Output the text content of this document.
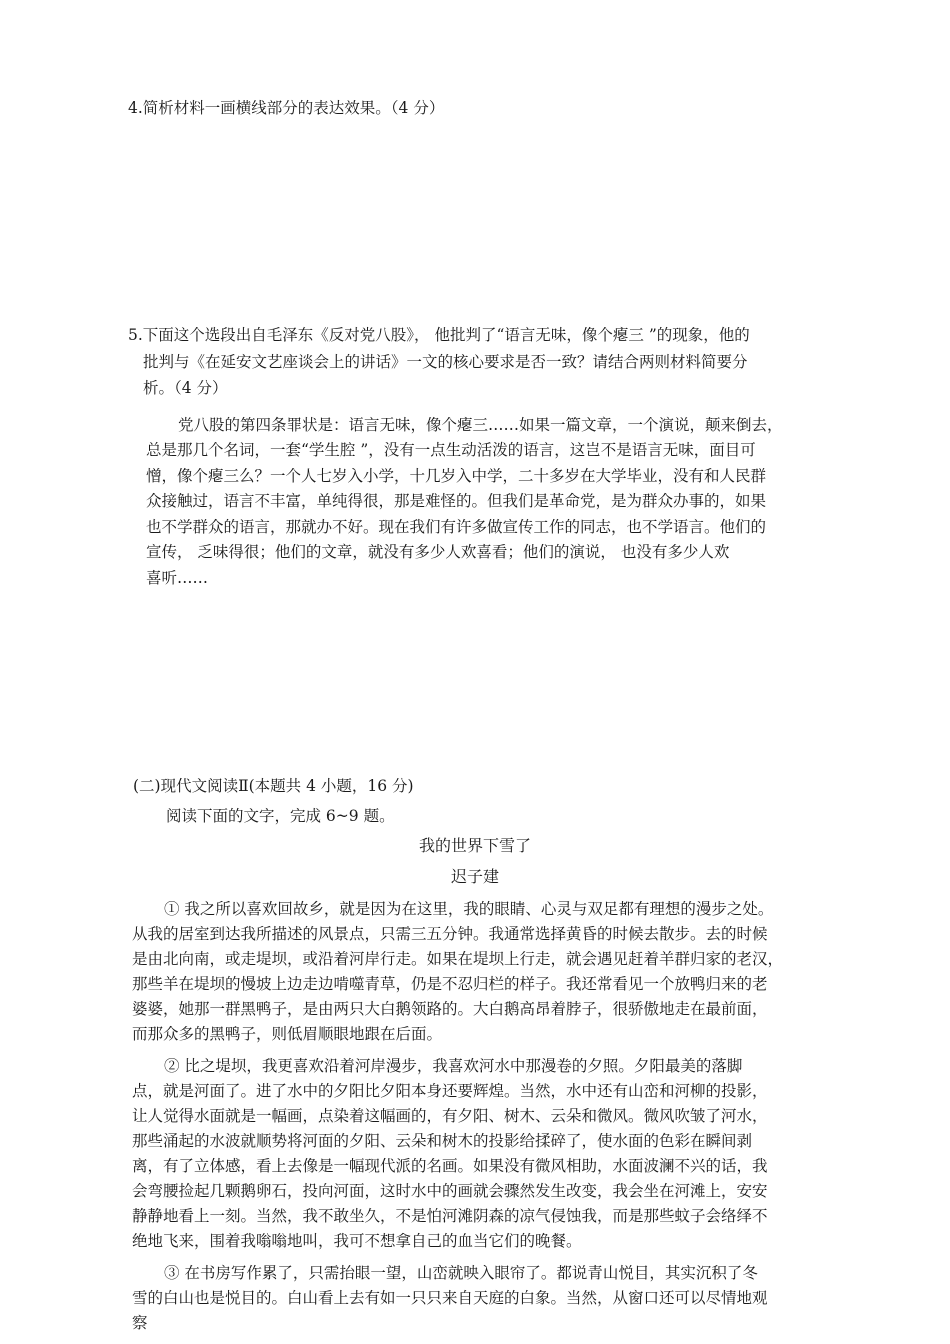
4.简析材料一画横线部分的表达效果。（4 分）
5.下面这个选段出自毛泽东《反对党八股》， 他批判了“语言无味，像个瘪三 ”的现象，他的
批判与《在延安文艺座谈会上的讲话》一文的核心要求是否一致？请结合两则材料简要分
析。（4 分）
党八股的第四条罪状是：语言无味，像个瘪三……如果一篇文章，一个演说，颠来倒去，
总是那几个名词，一套“学生腔 ”，没有一点生动活泼的语言，这岂不是语言无味，面目可
憎，像个瘪三么？一个人七岁入小学，十几岁入中学，二十多岁在大学毕业，没有和人民群
众接触过，语言不丰富，单纯得很，那是难怪的。但我们是革命党，是为群众办事的，如果
也不学群众的语言，那就办不好。现在我们有许多做宣传工作的同志，也不学语言。他们的
宣传， 乏味得很；他们的文章，就没有多少人欢喜看；他们的演说， 也没有多少人欢
喜听……
(二)现代文阅读Ⅱ(本题共 4 小题，16 分)
阅读下面的文字，完成 6~9 题。
我的世界下雪了
迟子建
① 我之所以喜欢回故乡，就是因为在这里，我的眼睛、心灵与双足都有理想的漫步之处。
从我的居室到达我所描述的风景点，只需三五分钟。我通常选择黄昏的时候去散步。去的时候
是由北向南，或走堤坝，或沿着河岸行走。如果在堤坝上行走，就会遇见赶着羊群归家的老汉，
那些羊在堤坝的慢坡上边走边啃噬青草，仍是不忍归栏的样子。我还常看见一个放鸭归来的老
婆婆，她那一群黑鸭子，是由两只大白鹅领路的。大白鹅高昂着脖子，很骄傲地走在最前面，
而那众多的黑鸭子，则低眉顺眼地跟在后面。
② 比之堤坝，我更喜欢沿着河岸漫步，我喜欢河水中那漫卷的夕照。夕阳最美的落脚
点，就是河面了。进了水中的夕阳比夕阳本身还要辉煌。当然，水中还有山峦和河柳的投影，
让人觉得水面就是一幅画，点染着这幅画的，有夕阳、树木、云朵和微风。微风吹皱了河水，
那些涌起的水波就顺势将河面的夕阳、云朵和树木的投影给揉碎了，使水面的色彩在瞬间剥
离，有了立体感，看上去像是一幅现代派的名画。如果没有微风相助，水面波澜不兴的话，我
会弯腰捡起几颗鹅卵石，投向河面，这时水中的画就会骤然发生改变，我会坐在河滩上，安安
静静地看上一刻。当然，我不敢坐久，不是怕河滩阴森的凉气侵蚀我，而是那些蚊子会络绎不
绝地飞来，围着我嗡嗡地叫，我可不想拿自己的血当它们的晚餐。
③ 在书房写作累了，只需抬眼一望，山峦就映入眼帘了。都说青山悦目，其实沉积了冬
雪的白山也是悦目的。白山看上去有如一只只来自天庭的白象。当然，从窗口还可以尽情地观
察
